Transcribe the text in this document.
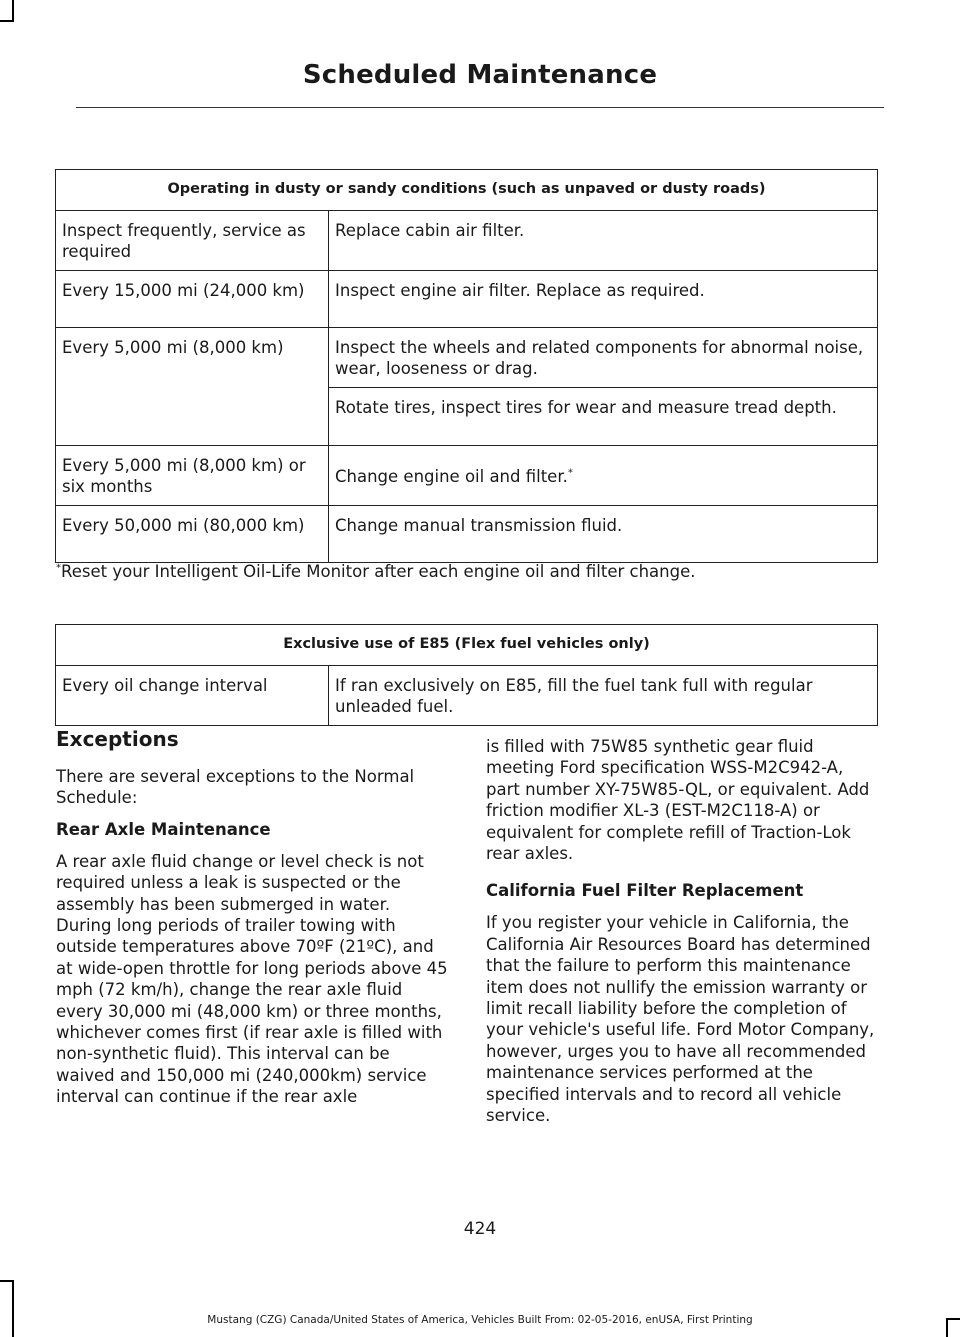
Scheduled Maintenance
Operating in dusty or sandy conditions (such as unpaved or dusty roads)	
Inspect frequently, service as required	Replace cabin air filter.
Every 15,000 mi (24,000 km)	Inspect engine air filter. Replace as required.
Every 5,000 mi (8,000 km)	Inspect the wheels and related components for abnormal noise, wear, looseness or drag.
	Rotate tires, inspect tires for wear and measure tread depth.
Every 5,000 mi (8,000 km) or six months	Change engine oil and filter.*
Every 50,000 mi (80,000 km)	Change manual transmission fluid.
*Reset your Intelligent Oil-Life Monitor after each engine oil and filter change.
Exclusive use of E85 (Flex fuel vehicles only)
Every oil change interval	If ran exclusively on E85, fill the fuel tank full with regular unleaded fuel.
Exceptions

There are several exceptions to the Normal Schedule:

Rear Axle Maintenance

A rear axle fluid change or level check is not required unless a leak is suspected or the assembly has been submerged in water. During long periods of trailer towing with outside temperatures above 70ºF (21ºC), and at wide-open throttle for long periods above 45 mph (72 km/h), change the rear axle fluid every 30,000 mi (48,000 km) or three months, whichever comes first (if rear axle is filled with non-synthetic fluid). This interval can be waived and 150,000 mi (240,000km) service interval can continue if the rear axle

is filled with 75W85 synthetic gear fluid meeting Ford specification WSS-M2C942-A, part number XY-75W85-QL, or equivalent. Add friction modifier XL-3 (EST-M2C118-A) or equivalent for complete refill of Traction-Lok rear axles.

California Fuel Filter Replacement

If you register your vehicle in California, the California Air Resources Board has determined that the failure to perform this maintenance item does not nullify the emission warranty or limit recall liability before the completion of your vehicle's useful life. Ford Motor Company, however, urges you to have all recommended maintenance services performed at the specified intervals and to record all vehicle service.

424
Mustang (CZG) Canada/United States of America, Vehicles Built From: 02-05-2016, enUSA, First Printing
